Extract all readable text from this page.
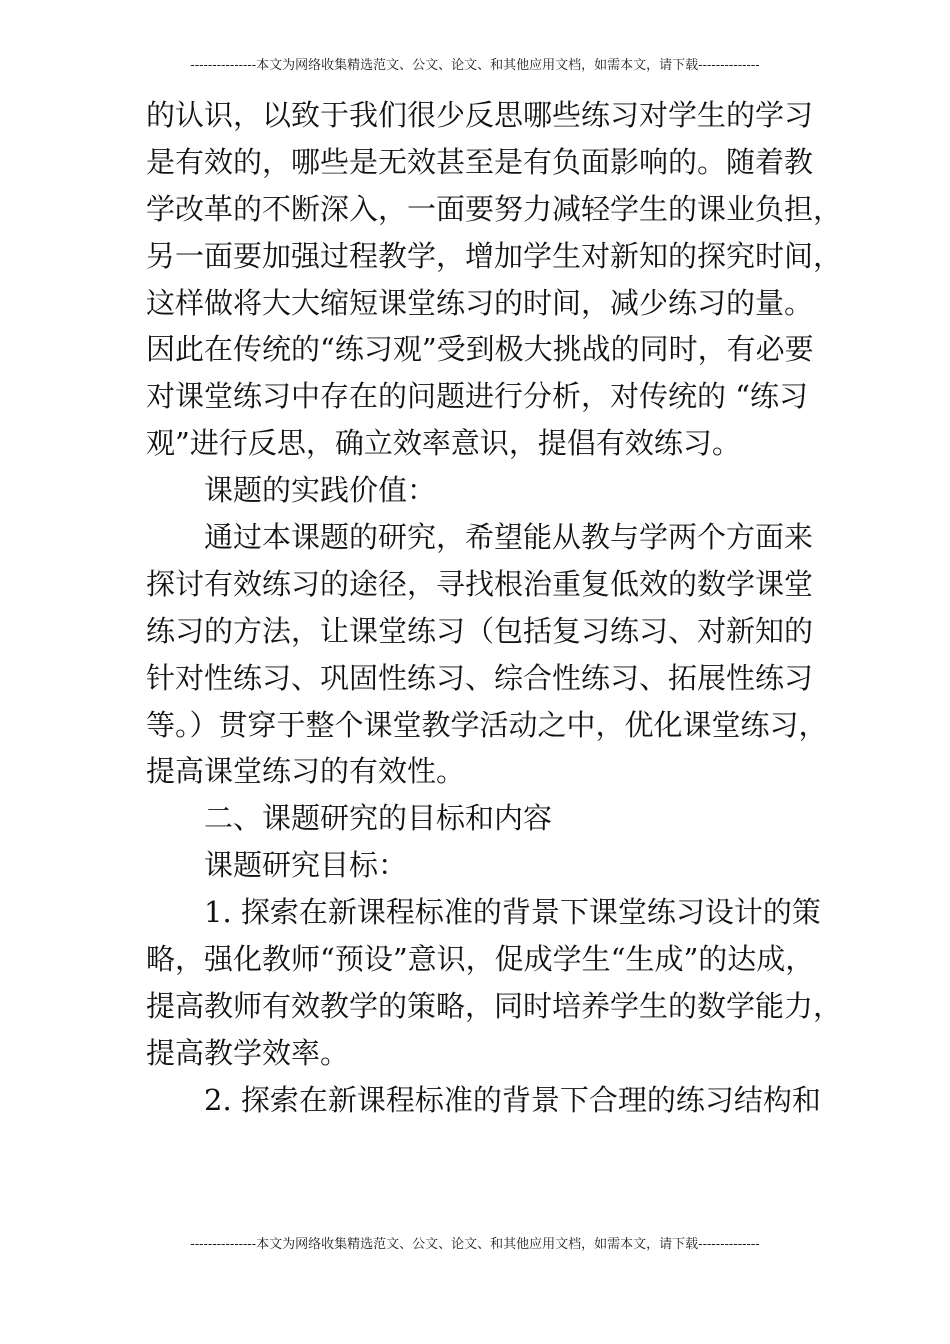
---------------本文为网络收集精选范文、公文、论文、和其他应用文档，如需本文，请下载--------------
的认识，以致于我们很少反思哪些练习对学生的学习
是有效的，哪些是无效甚至是有负面影响的。随着教
学改革的不断深入，一面要努力减轻学生的课业负担，
另一面要加强过程教学，增加学生对新知的探究时间，
这样做将大大缩短课堂练习的时间，减少练习的量。
因此在传统的“练习观”受到极大挑战的同时，有必要
对课堂练习中存在的问题进行分析，对传统的 “练习
观”进行反思，确立效率意识，提倡有效练习。
课题的实践价值：
通过本课题的研究，希望能从教与学两个方面来
探讨有效练习的途径，寻找根治重复低效的数学课堂
练习的方法，让课堂练习（包括复习练习、对新知的
针对性练习、巩固性练习、综合性练习、拓展性练习
等。）贯穿于整个课堂教学活动之中，优化课堂练习，
提高课堂练习的有效性。
二、课题研究的目标和内容
课题研究目标：
1. 探索在新课程标准的背景下课堂练习设计的策
略，强化教师“预设”意识，促成学生“生成”的达成，
提高教师有效教学的策略，同时培养学生的数学能力，
提高教学效率。
2. 探索在新课程标准的背景下合理的练习结构和
---------------本文为网络收集精选范文、公文、论文、和其他应用文档，如需本文，请下载--------------
